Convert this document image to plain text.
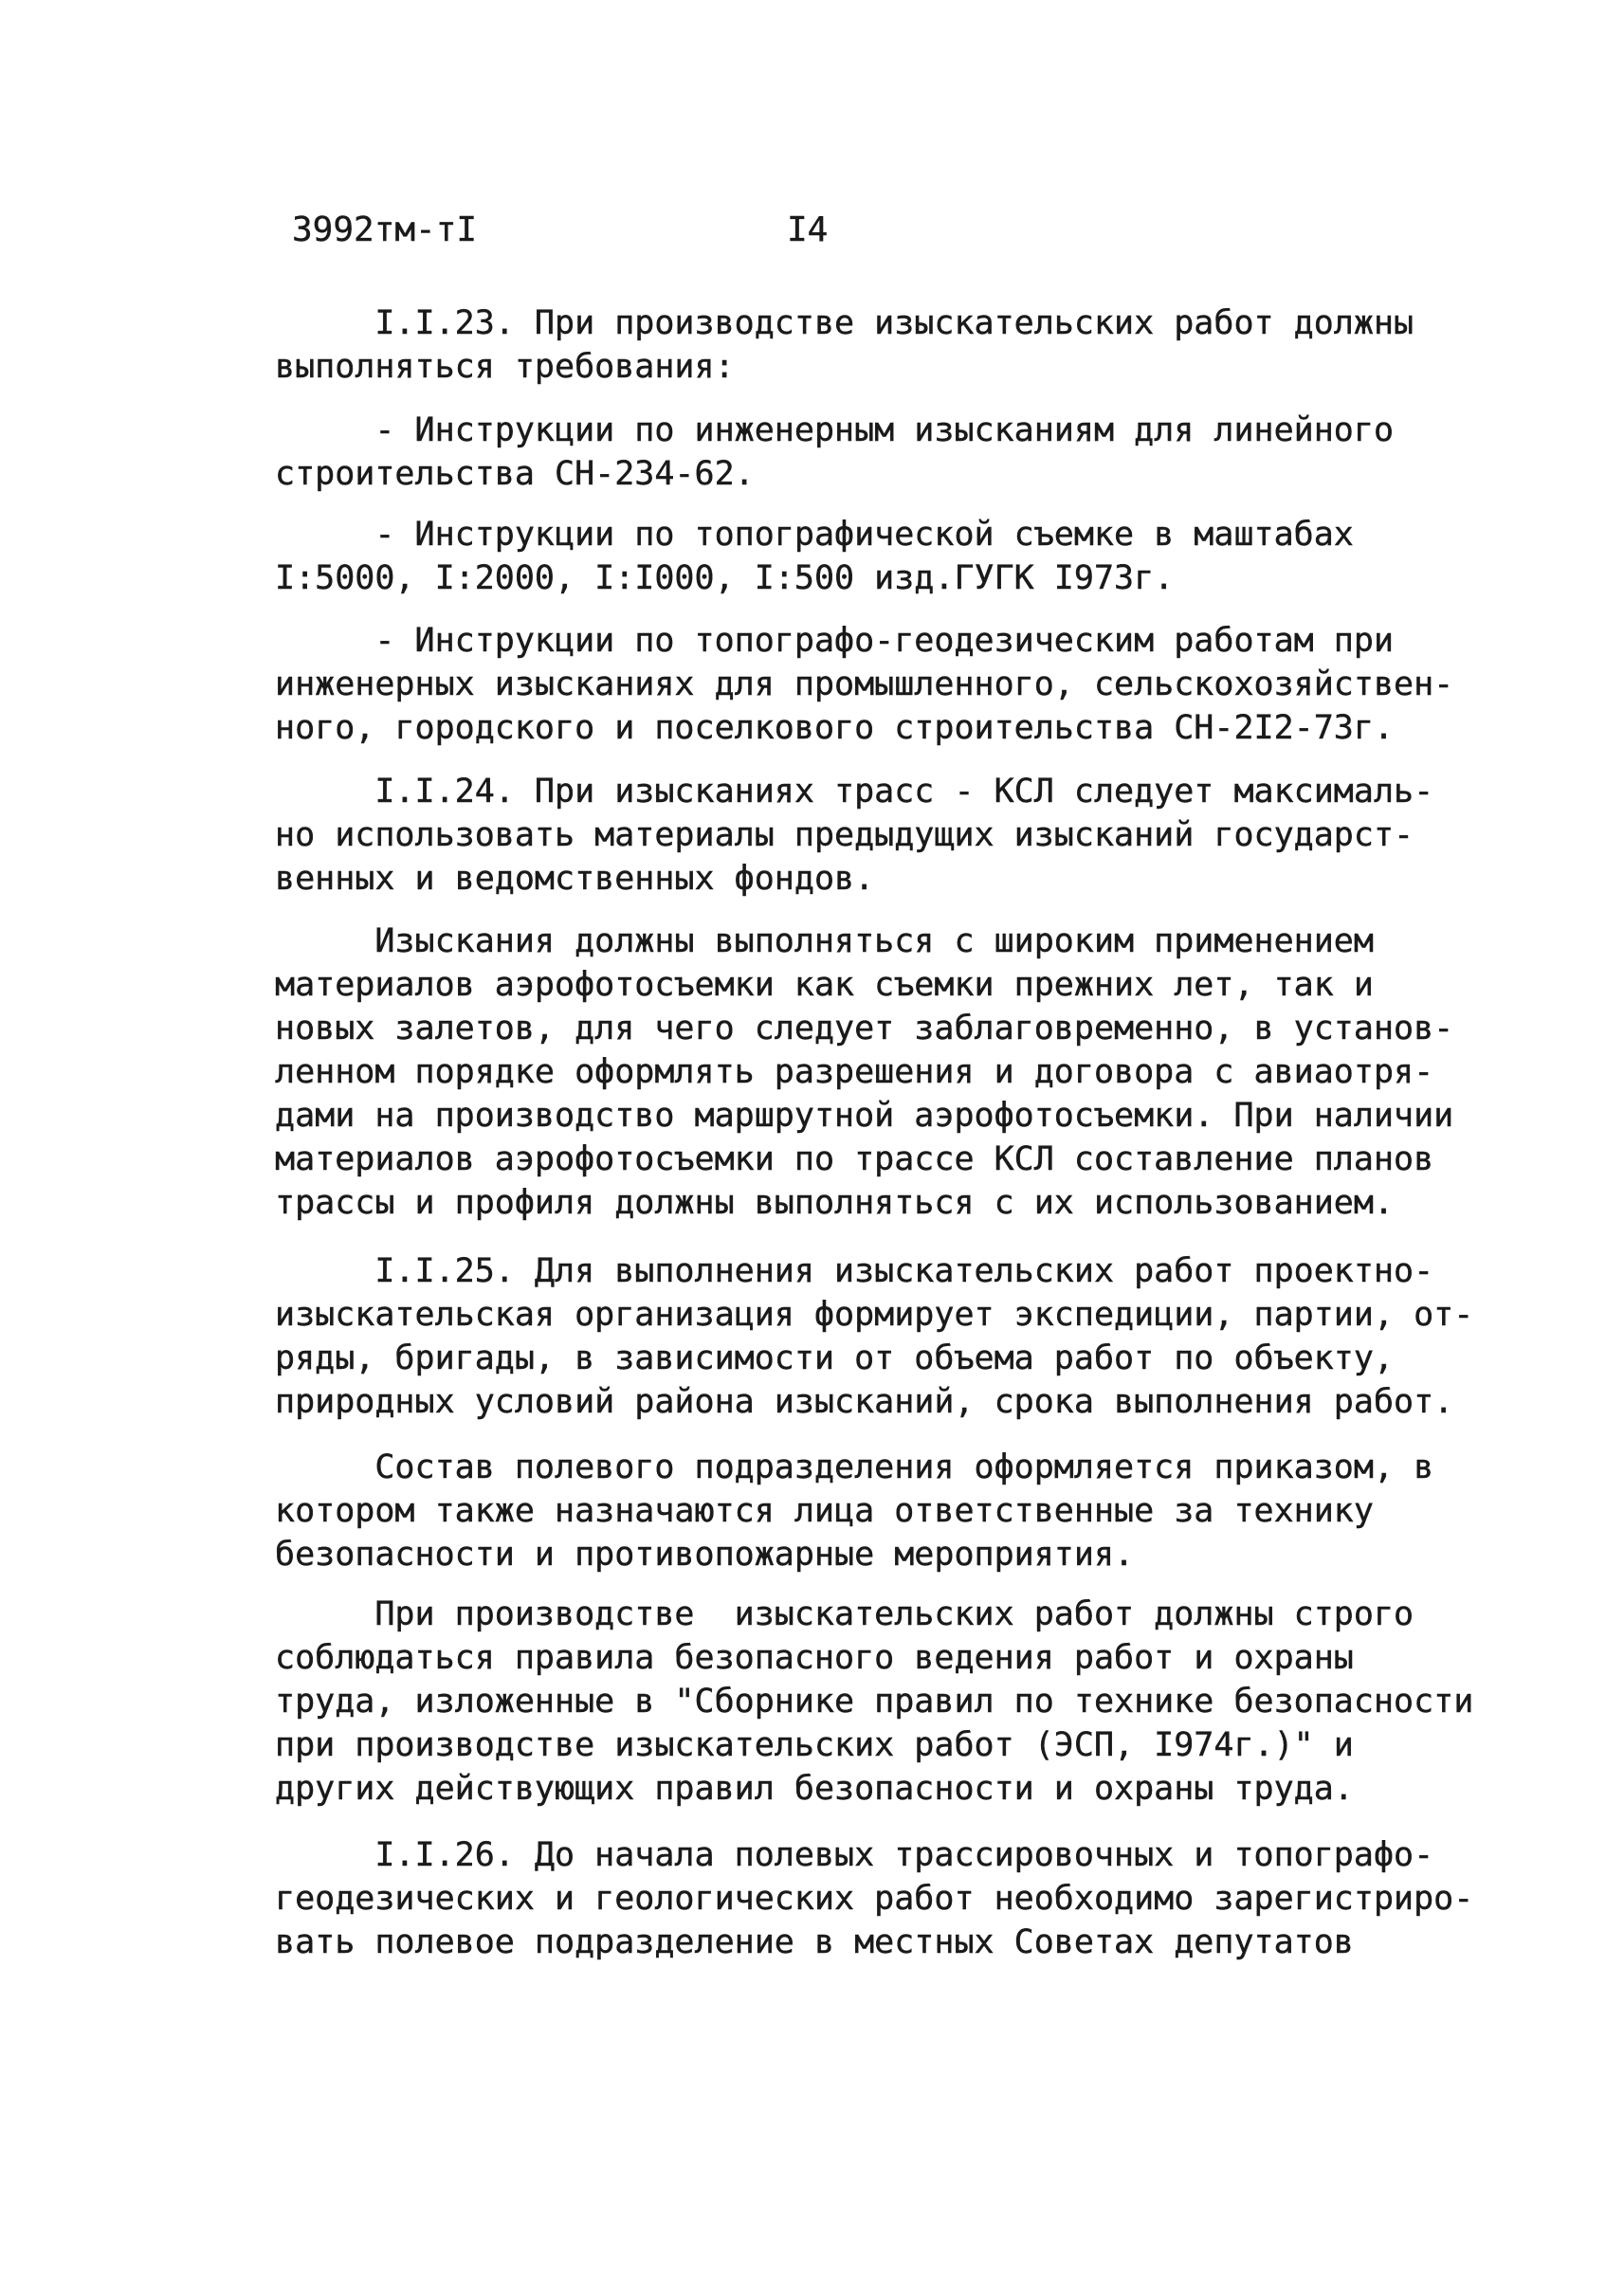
3992тм-тI	I4
I.I.23. При производстве изыскательских работ должны
выполняться требования:
- Инструкции по инженерным изысканиям для линейного
строительства СН-234-62.
- Инструкции по топографической съемке в маштабах
I:5000, I:2000, I:I000, I:500 изд.ГУГК I973г.
- Инструкции по топографо-геодезическим работам при
инженерных изысканиях для промышленного, сельскохозяйствен-
ного, городского и поселкового строительства СН-2I2-73г.
I.I.24. При изысканиях трасс - КСЛ следует максималь-
но использовать материалы предыдущих изысканий государст-
венных и ведомственных фондов.
Изыскания должны выполняться с широким применением
материалов аэрофотосъемки как съемки прежних лет, так и
новых залетов, для чего следует заблаговременно, в установ-
ленном порядке оформлять разрешения и договора с авиаотря-
дами на производство маршрутной аэрофотосъемки. При наличии
материалов аэрофотосъемки по трассе КСЛ составление планов
трассы и профиля должны выполняться с их использованием.
I.I.25. Для выполнения изыскательских работ проектно-
изыскательская организация формирует экспедиции, партии, от-
ряды, бригады, в зависимости от объема работ по объекту,
природных условий района изысканий, срока выполнения работ.
Состав полевого подразделения оформляется приказом, в
котором также назначаются лица ответственные за технику
безопасности и противопожарные мероприятия.
При производстве  изыскательских работ должны строго
соблюдаться правила безопасного ведения работ и охраны
труда, изложенные в "Сборнике правил по технике безопасности
при производстве изыскательских работ (ЭСП, I974г.)" и
других действующих правил безопасности и охраны труда.
I.I.26. До начала полевых трассировочных и топографо-
геодезических и геологических работ необходимо зарегистриро-
вать полевое подразделение в местных Советах депутатов
